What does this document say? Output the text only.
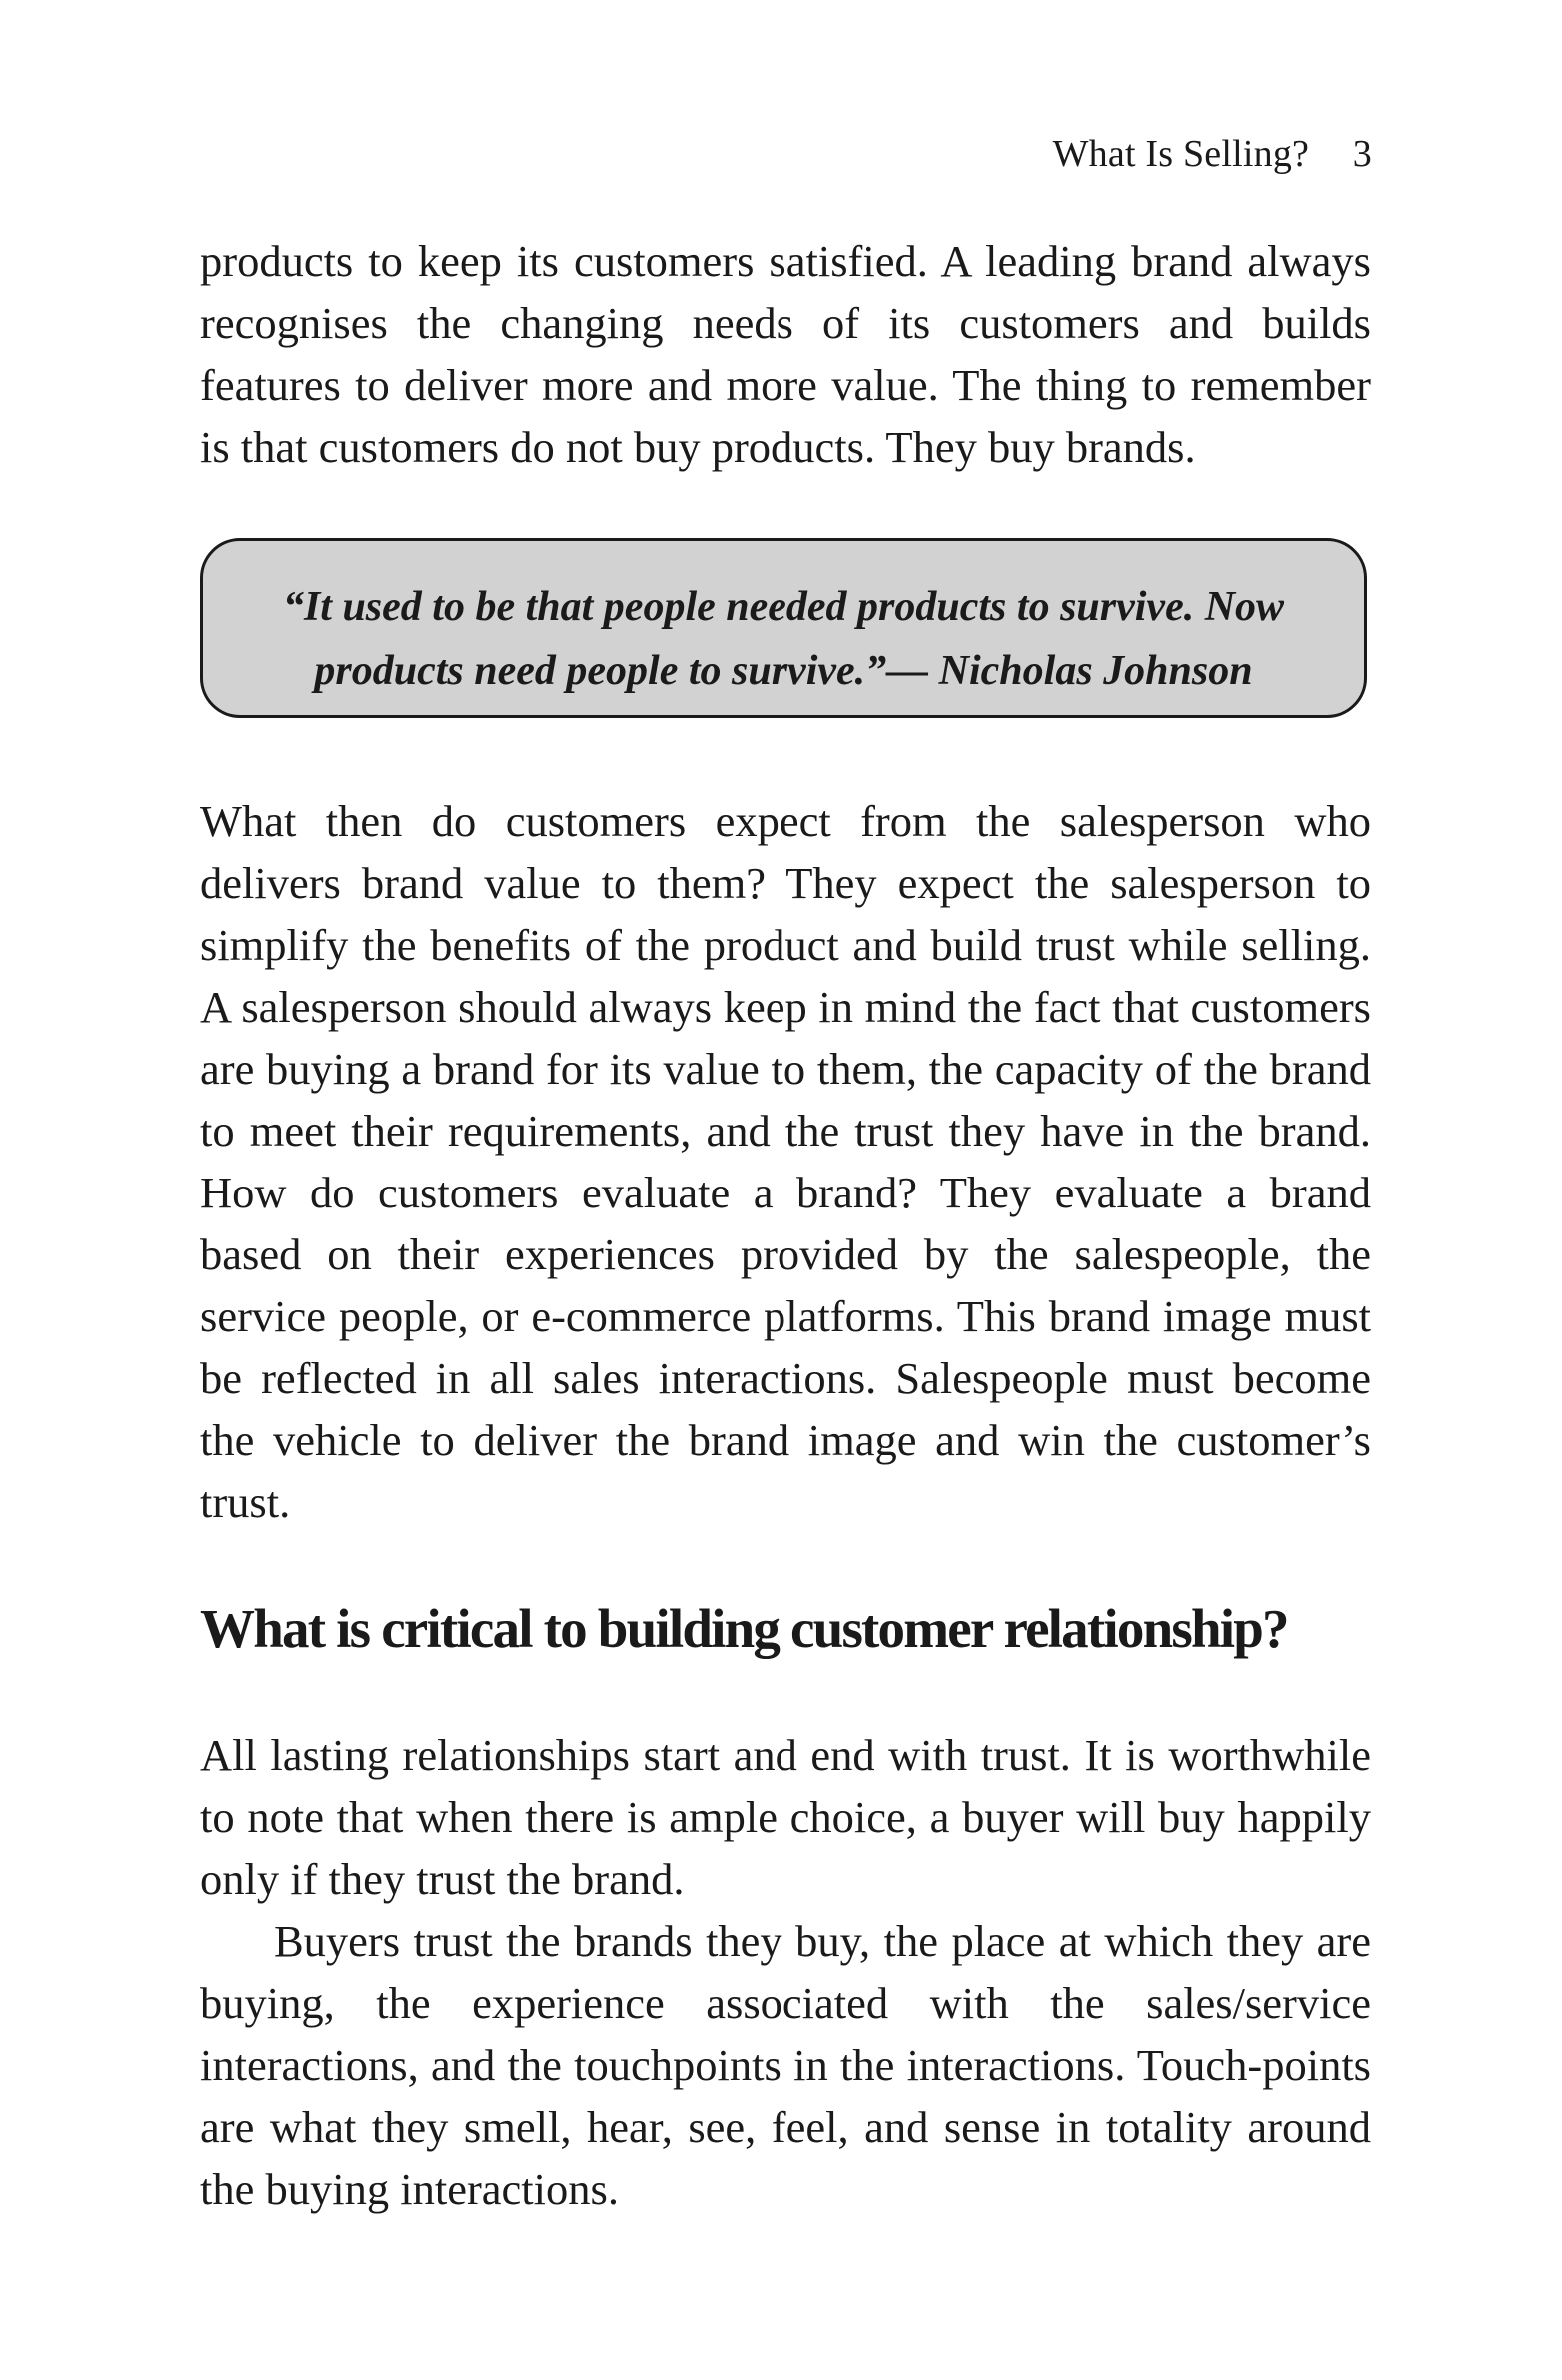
What Is Selling? 3

products to keep its customers satisfied. A leading brand always recognises the changing needs of its customers and builds features to deliver more and more value. The thing to remember is that customers do not buy products. They buy brands.

“It used to be that people needed products to survive. Now
products need people to survive.”— Nicholas Johnson

What then do customers expect from the salesperson who delivers brand value to them? They expect the salesperson to simplify the benefits of the product and build trust while selling. A salesperson should always keep in mind the fact that customers are buying a brand for its value to them, the capacity of the brand to meet their requirements, and the trust they have in the brand. How do customers evaluate a brand? They evaluate a brand based on their experiences provided by the salespeople, the service people, or e-commerce platforms. This brand image must be reflected in all sales interactions. Salespeople must become the vehicle to deliver the brand image and win the customer’s trust.

What is critical to building customer relationship?

All lasting relationships start and end with trust. It is worthwhile to note that when there is ample choice, a buyer will buy happily only if they trust the brand.

Buyers trust the brands they buy, the place at which they are buying, the experience associated with the sales/service interactions, and the touchpoints in the interactions. Touch-points are what they smell, hear, see, feel, and sense in totality around the buying interactions.
